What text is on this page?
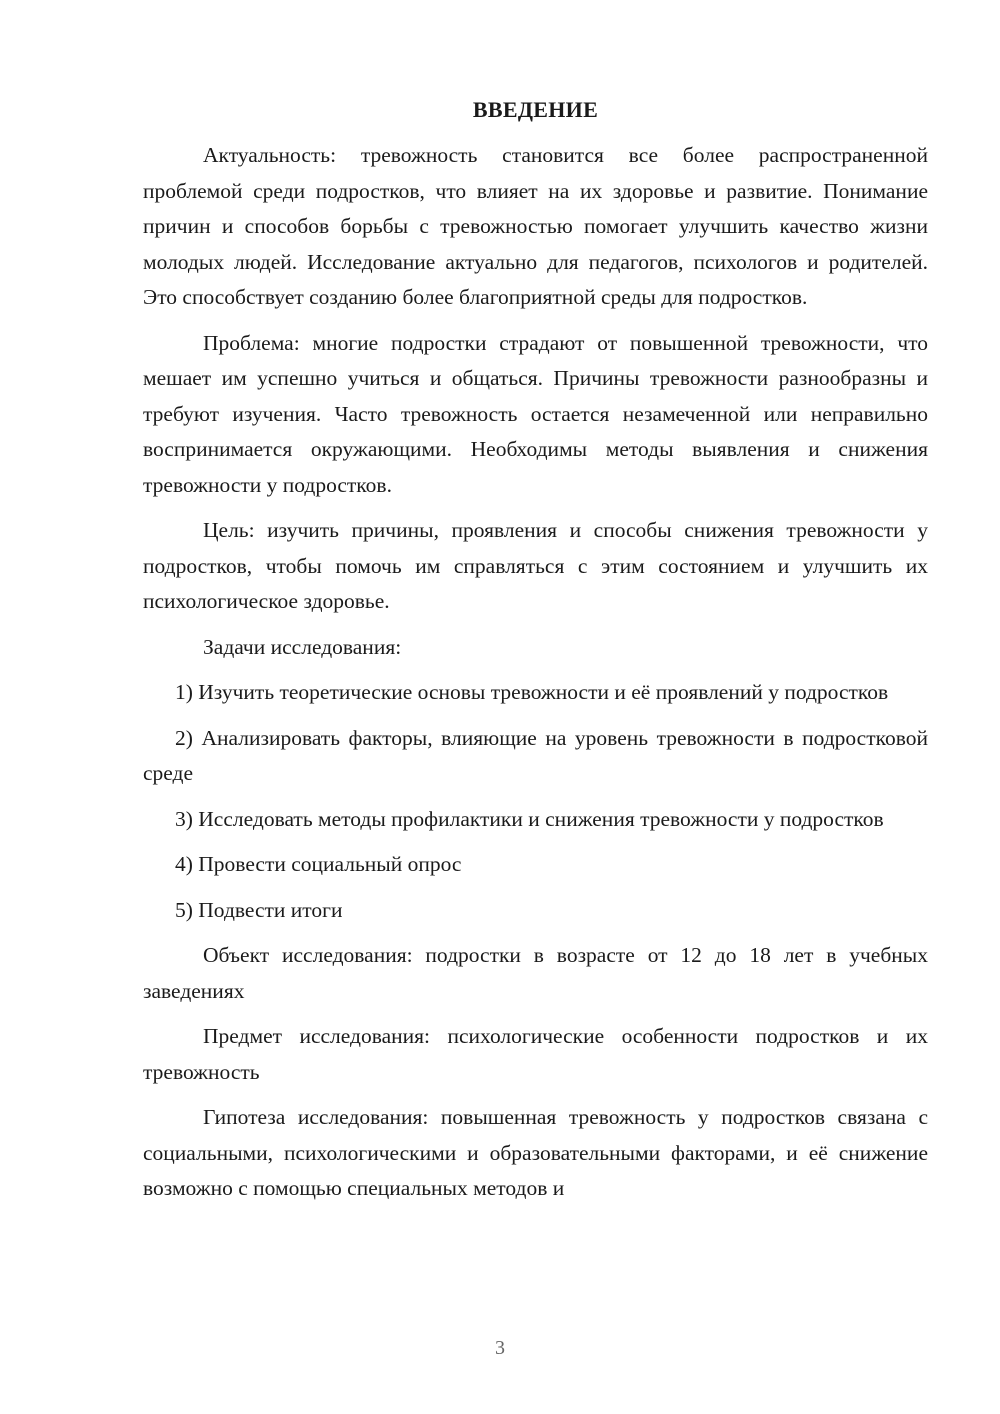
ВВЕДЕНИЕ

Актуальность: тревожность становится все более распространенной проблемой среди подростков, что влияет на их здоровье и развитие. Понимание причин и способов борьбы с тревожностью помогает улучшить качество жизни молодых людей. Исследование актуально для педагогов, психологов и родителей. Это способствует созданию более благоприятной среды для подростков.

Проблема: многие подростки страдают от повышенной тревожности, что мешает им успешно учиться и общаться. Причины тревожности разнообразны и требуют изучения. Часто тревожность остается незамеченной или неправильно воспринимается окружающими. Необходимы методы выявления и снижения тревожности у подростков.

Цель: изучить причины, проявления и способы снижения тревожности у подростков, чтобы помочь им справляться с этим состоянием и улучшить их психологическое здоровье.

Задачи исследования:

1) Изучить теоретические основы тревожности и её проявлений у подростков

2) Анализировать факторы, влияющие на уровень тревожности в подростковой среде

3) Исследовать методы профилактики и снижения тревожности у подростков

4) Провести социальный опрос

5) Подвести итоги

Объект исследования: подростки в возрасте от 12 до 18 лет в учебных заведениях

Предмет исследования: психологические особенности подростков и их тревожность

Гипотеза исследования: повышенная тревожность у подростков связана с социальными, психологическими и образовательными факторами, и её снижение возможно с помощью специальных методов и

3
